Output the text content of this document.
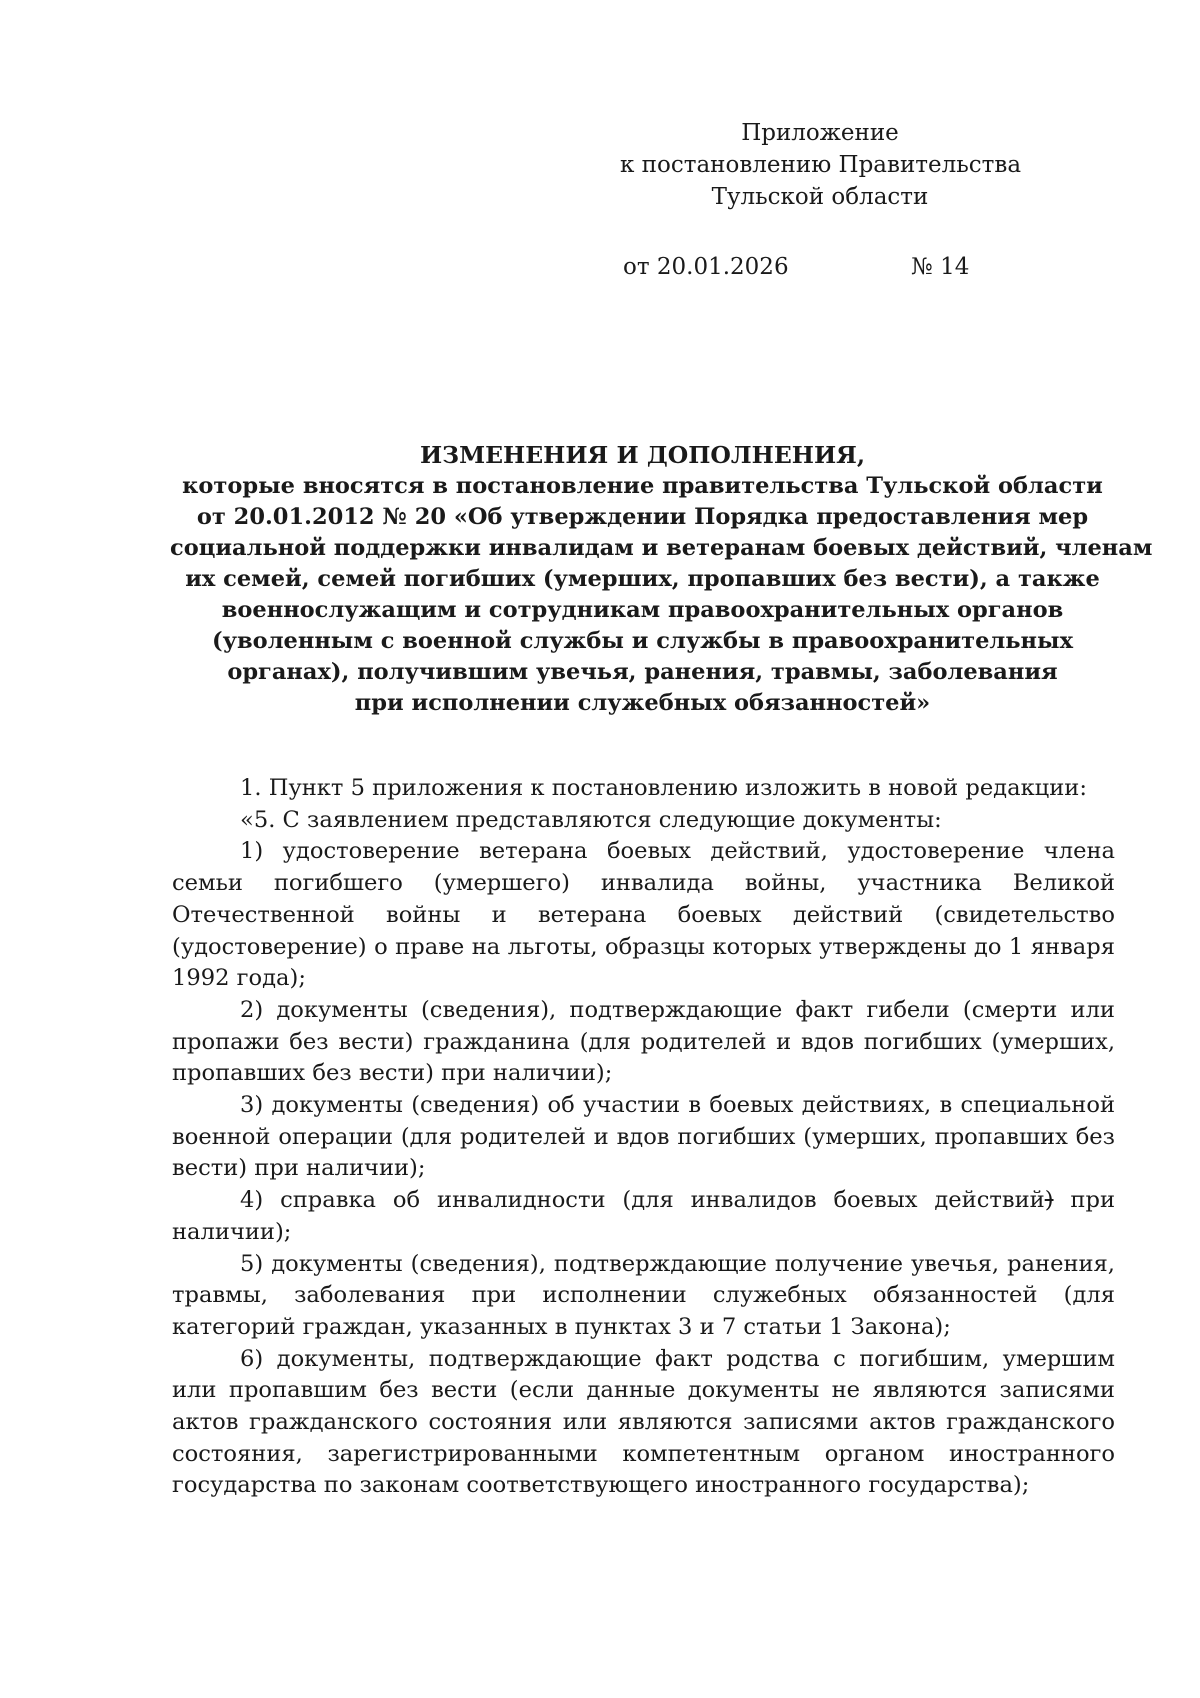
Приложение
к постановлению Правительства
Тульской области
от 20.01.2026	№ 14
ИЗМЕНЕНИЯ И ДОПОЛНЕНИЯ,
которые вносятся в постановление правительства Тульской области
от 20.01.2012 № 20 «Об утверждении Порядка предоставления мер
социальной поддержки инвалидам и ветеранам боевых действий, членам
их семей, семей погибших (умерших, пропавших без вести), а также
военнослужащим и сотрудникам правоохранительных органов
(уволенным с военной службы и службы в правоохранительных
органах), получившим увечья, ранения, травмы, заболевания
при исполнении служебных обязанностей»

1. Пункт 5 приложения к постановлению изложить в новой редакции:

«5. С заявлением представляются следующие документы:

1) удостоверение ветерана боевых действий, удостоверение члена семьи погибшего (умершего) инвалида войны, участника Великой Отечественной войны и ветерана боевых действий (свидетельство (удостоверение) о праве на льготы, образцы которых утверждены до 1 января 1992 года);

2) документы (сведения), подтверждающие факт гибели (смерти или пропажи без вести) гражданина (для родителей и вдов погибших (умерших, пропавших без вести) при наличии);

3) документы (сведения) об участии в боевых действиях, в специальной военной операции (для родителей и вдов погибших (умерших, пропавших без вести) при наличии);

4) справка об инвалидности (для инвалидов боевых действий) при наличии);

5) документы (сведения), подтверждающие получение увечья, ранения, травмы, заболевания при исполнении служебных обязанностей (для категорий граждан, указанных в пунктах 3 и 7 статьи 1 Закона);

6) документы, подтверждающие факт родства с погибшим, умершим или пропавшим без вести (если данные документы не являются записями актов гражданского состояния или являются записями актов гражданского состояния, зарегистрированными компетентным органом иностранного государства по законам соответствующего иностранного государства);
